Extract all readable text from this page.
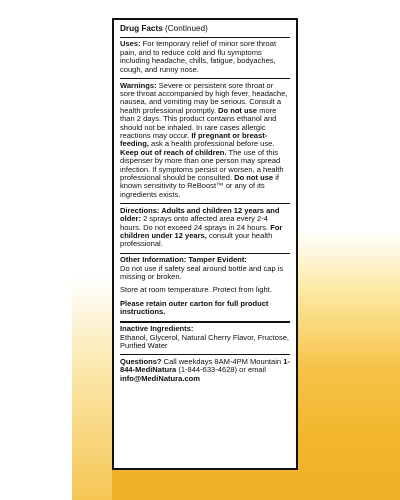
Drug Facts (Continued)

Uses: For temporary relief of minor sore throat pain, and to reduce cold and flu symptoms including headache, chills, fatigue, bodyaches, cough, and runny nose.

Warnings: Severe or persistent sore throat or sore throat accompanied by high fever, headache, nausea, and vomiting may be serious. Consult a health professional promptly. Do not use more than 2 days. This product contains ethanol and should not be inhaled. In rare cases allergic reactions may occur. If pregnant or breast-feeding, ask a health professional before use. Keep out of reach of children. The use of this dispenser by more than one person may spread infection. If symptoms persist or worsen, a health professional should be consulted. Do not use if known sensitivity to ReBoost™ or any of its ingredients exists.

Directions: Adults and children 12 years and older: 2 sprays onto affected area every 2-4 hours. Do not exceed 24 sprays in 24 hours. For children under 12 years, consult your health professional.

Other Information: Tamper Evident:

Do not use if safety seal around bottle and cap is missing or broken.

Store at room temperature. Protect from light.

Please retain outer carton for full product instructions.

Inactive Ingredients:

Ethanol, Glycerol, Natural Cherry Flavor, Fructose, Purified Water

Questions? Call weekdays 8AM-4PM Mountain 1-844-MediNatura (1-844-633-4628) or email info@MediNatura.com
